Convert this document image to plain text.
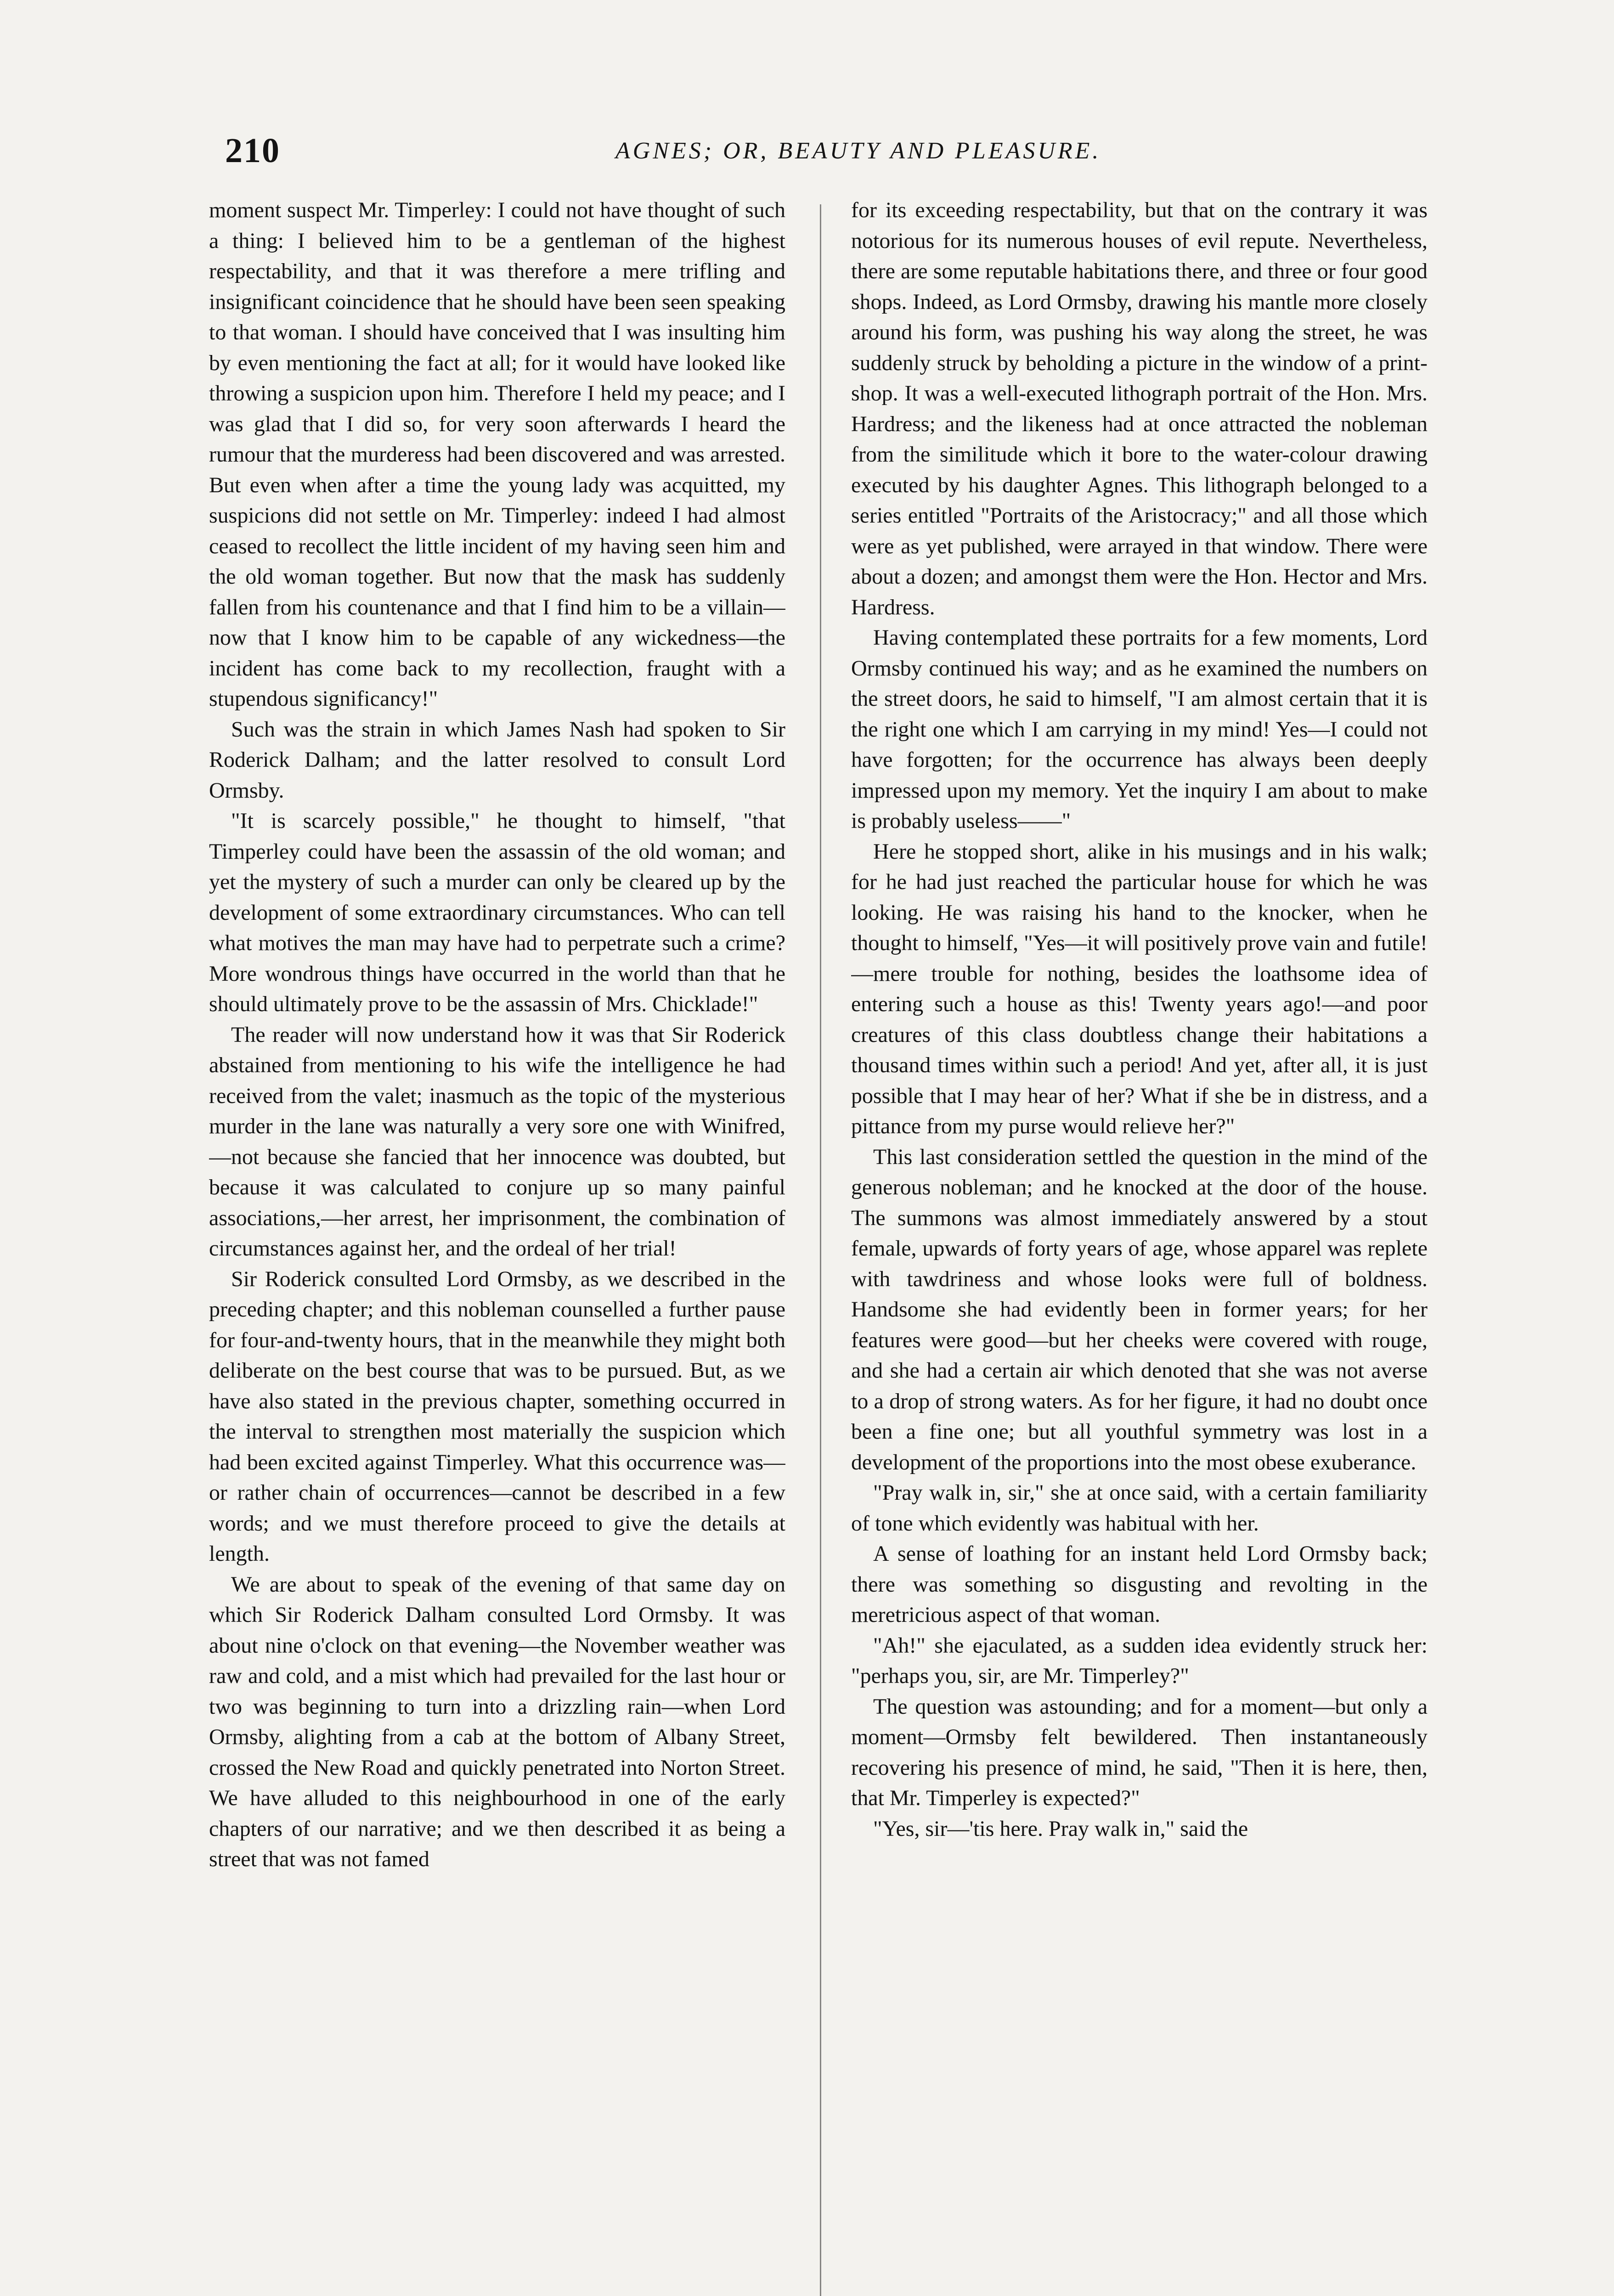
210	AGNES; OR, BEAUTY AND PLEASURE.

moment suspect Mr. Timperley: I could not have thought of such a thing: I believed him to be a gentleman of the highest respectability, and that it was therefore a mere trifling and insignificant coincidence that he should have been seen speaking to that woman. I should have conceived that I was insulting him by even mentioning the fact at all; for it would have looked like throwing a suspicion upon him. Therefore I held my peace; and I was glad that I did so, for very soon afterwards I heard the rumour that the murderess had been discovered and was arrested. But even when after a time the young lady was acquitted, my suspicions did not settle on Mr. Timperley: indeed I had almost ceased to recollect the little incident of my having seen him and the old woman together. But now that the mask has suddenly fallen from his countenance and that I find him to be a villain—now that I know him to be capable of any wickedness—the incident has come back to my recollection, fraught with a stupendous significancy!"

Such was the strain in which James Nash had spoken to Sir Roderick Dalham; and the latter resolved to consult Lord Ormsby.

"It is scarcely possible," he thought to himself, "that Timperley could have been the assassin of the old woman; and yet the mystery of such a murder can only be cleared up by the development of some extraordinary circumstances. Who can tell what motives the man may have had to perpetrate such a crime? More wondrous things have occurred in the world than that he should ultimately prove to be the assassin of Mrs. Chicklade!"

The reader will now understand how it was that Sir Roderick abstained from mentioning to his wife the intelligence he had received from the valet; inasmuch as the topic of the mysterious murder in the lane was naturally a very sore one with Winifred,—not because she fancied that her innocence was doubted, but because it was calculated to conjure up so many painful associations,—her arrest, her imprisonment, the combination of circumstances against her, and the ordeal of her trial!

Sir Roderick consulted Lord Ormsby, as we described in the preceding chapter; and this nobleman counselled a further pause for four-and-twenty hours, that in the meanwhile they might both deliberate on the best course that was to be pursued. But, as we have also stated in the previous chapter, something occurred in the interval to strengthen most materially the suspicion which had been excited against Timperley. What this occurrence was—or rather chain of occurrences—cannot be described in a few words; and we must therefore proceed to give the details at length.

We are about to speak of the evening of that same day on which Sir Roderick Dalham consulted Lord Ormsby. It was about nine o'clock on that evening—the November weather was raw and cold, and a mist which had prevailed for the last hour or two was beginning to turn into a drizzling rain—when Lord Ormsby, alighting from a cab at the bottom of Albany Street, crossed the New Road and quickly penetrated into Norton Street. We have alluded to this neighbourhood in one of the early chapters of our narrative; and we then described it as being a street that was not famed

for its exceeding respectability, but that on the contrary it was notorious for its numerous houses of evil repute. Nevertheless, there are some reputable habitations there, and three or four good shops. Indeed, as Lord Ormsby, drawing his mantle more closely around his form, was pushing his way along the street, he was suddenly struck by beholding a picture in the window of a print-shop. It was a well-executed lithograph portrait of the Hon. Mrs. Hardress; and the likeness had at once attracted the nobleman from the similitude which it bore to the water-colour drawing executed by his daughter Agnes. This lithograph belonged to a series entitled "Portraits of the Aristocracy;" and all those which were as yet published, were arrayed in that window. There were about a dozen; and amongst them were the Hon. Hector and Mrs. Hardress.

Having contemplated these portraits for a few moments, Lord Ormsby continued his way; and as he examined the numbers on the street doors, he said to himself, "I am almost certain that it is the right one which I am carrying in my mind! Yes—I could not have forgotten; for the occurrence has always been deeply impressed upon my memory. Yet the inquiry I am about to make is probably useless——"

Here he stopped short, alike in his musings and in his walk; for he had just reached the particular house for which he was looking. He was raising his hand to the knocker, when he thought to himself, "Yes—it will positively prove vain and futile!—mere trouble for nothing, besides the loathsome idea of entering such a house as this! Twenty years ago!—and poor creatures of this class doubtless change their habitations a thousand times within such a period! And yet, after all, it is just possible that I may hear of her? What if she be in distress, and a pittance from my purse would relieve her?"

This last consideration settled the question in the mind of the generous nobleman; and he knocked at the door of the house. The summons was almost immediately answered by a stout female, upwards of forty years of age, whose apparel was replete with tawdriness and whose looks were full of boldness. Handsome she had evidently been in former years; for her features were good—but her cheeks were covered with rouge, and she had a certain air which denoted that she was not averse to a drop of strong waters. As for her figure, it had no doubt once been a fine one; but all youthful symmetry was lost in a development of the proportions into the most obese exuberance.

"Pray walk in, sir," she at once said, with a certain familiarity of tone which evidently was habitual with her.

A sense of loathing for an instant held Lord Ormsby back; there was something so disgusting and revolting in the meretricious aspect of that woman.

"Ah!" she ejaculated, as a sudden idea evidently struck her: "perhaps you, sir, are Mr. Timperley?"

The question was astounding; and for a moment—but only a moment—Ormsby felt bewildered. Then instantaneously recovering his presence of mind, he said, "Then it is here, then, that Mr. Timperley is expected?"

"Yes, sir—'tis here. Pray walk in," said the
